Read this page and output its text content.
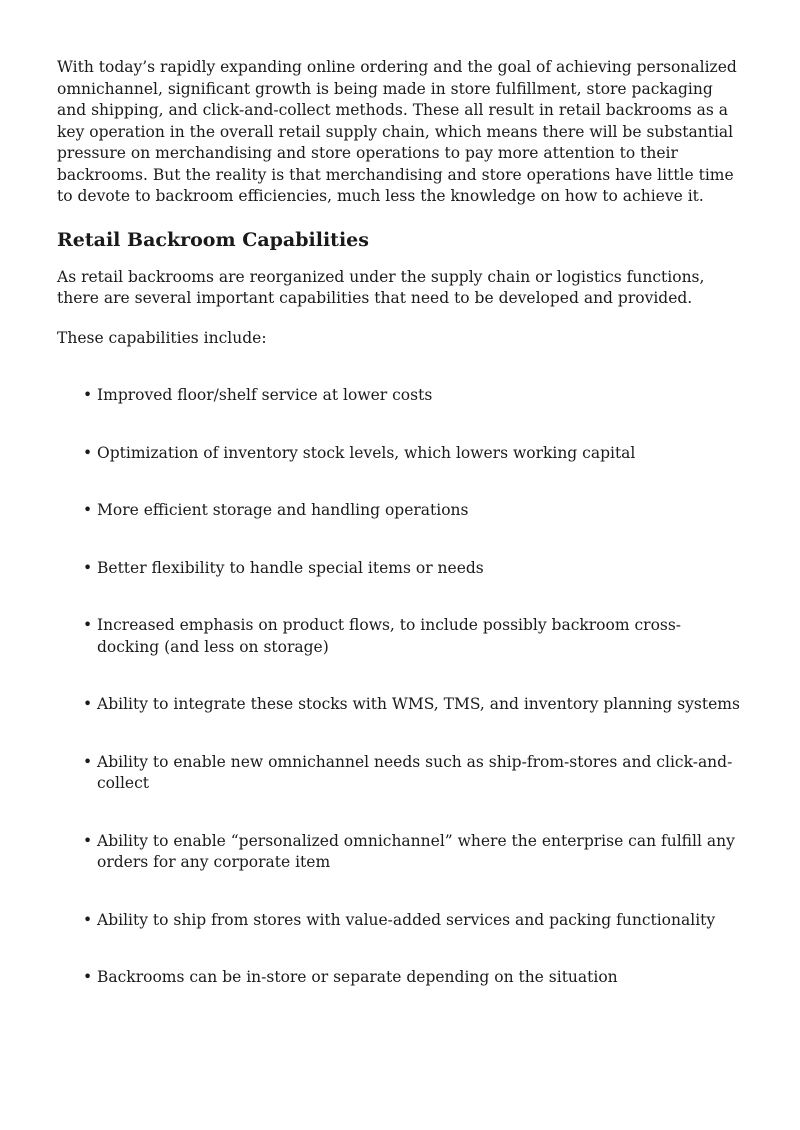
With today’s rapidly expanding online ordering and the goal of achieving personalized omnichannel, significant growth is being made in store fulfillment, store packaging and shipping, and click-and-collect methods. These all result in retail backrooms as a key operation in the overall retail supply chain, which means there will be substantial pressure on merchandising and store operations to pay more attention to their backrooms. But the reality is that merchandising and store operations have little time to devote to backroom efficiencies, much less the knowledge on how to achieve it.

Retail Backroom Capabilities

As retail backrooms are reorganized under the supply chain or logistics functions, there are several important capabilities that need to be developed and provided.

These capabilities include:

• Improved floor/shelf service at lower costs
• Optimization of inventory stock levels, which lowers working capital
• More efficient storage and handling operations
• Better flexibility to handle special items or needs
• Increased emphasis on product flows, to include possibly backroom cross-docking (and less on storage)
• Ability to integrate these stocks with WMS, TMS, and inventory planning systems
• Ability to enable new omnichannel needs such as ship-from-stores and click-and-collect
• Ability to enable “personalized omnichannel” where the enterprise can fulfill any orders for any corporate item
• Ability to ship from stores with value-added services and packing functionality
• Backrooms can be in-store or separate depending on the situation
